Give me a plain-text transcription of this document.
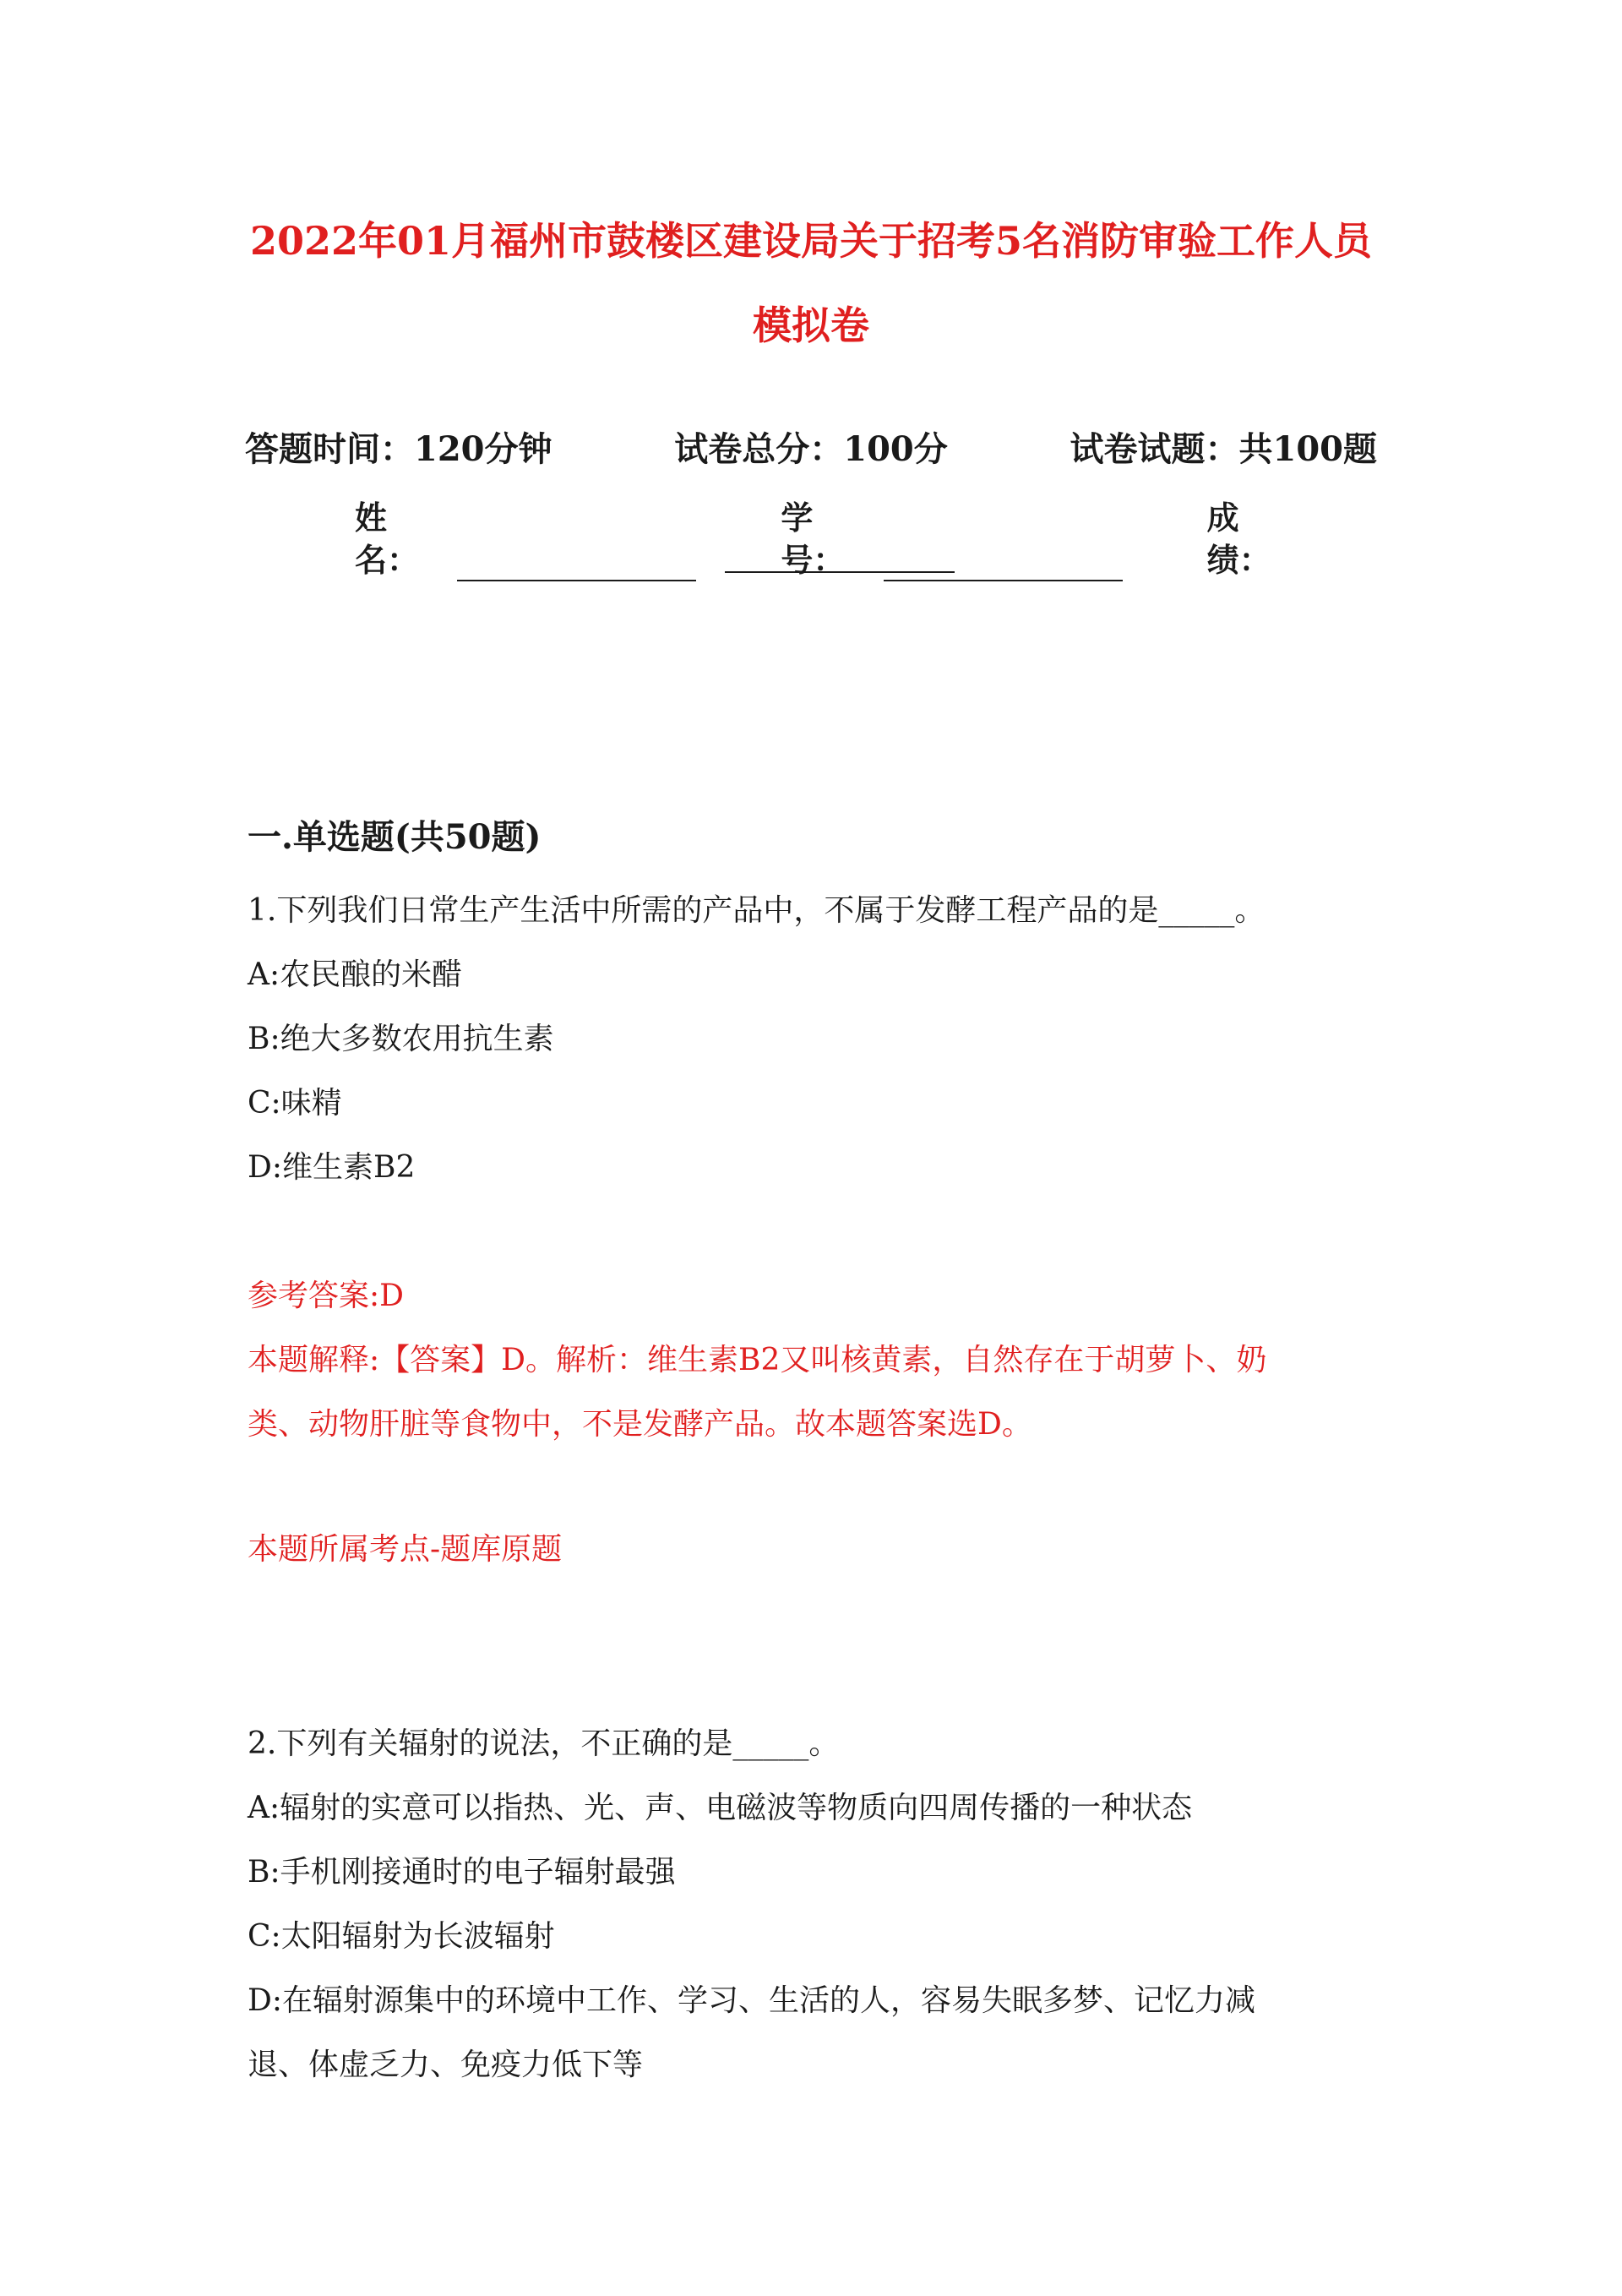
2022年01月福州市鼓楼区建设局关于招考5名消防审验工作人员
模拟卷
答题时间：120分钟	试卷总分：100分	试卷试题：共100题
姓名：
学号：
成绩：
一.单选题(共50题)
1.下列我们日常生产生活中所需的产品中，不属于发酵工程产品的是_____。
A:农民酿的米醋
B:绝大多数农用抗生素
C:味精
D:维生素B2
参考答案:D
本题解释:【答案】D。解析：维生素B2又叫核黄素，自然存在于胡萝卜、奶
类、动物肝脏等食物中，不是发酵产品。故本题答案选D。
本题所属考点-题库原题
2.下列有关辐射的说法，不正确的是_____。
A:辐射的实意可以指热、光、声、电磁波等物质向四周传播的一种状态
B:手机刚接通时的电子辐射最强
C:太阳辐射为长波辐射
D:在辐射源集中的环境中工作、学习、生活的人，容易失眠多梦、记忆力减
退、体虚乏力、免疫力低下等
